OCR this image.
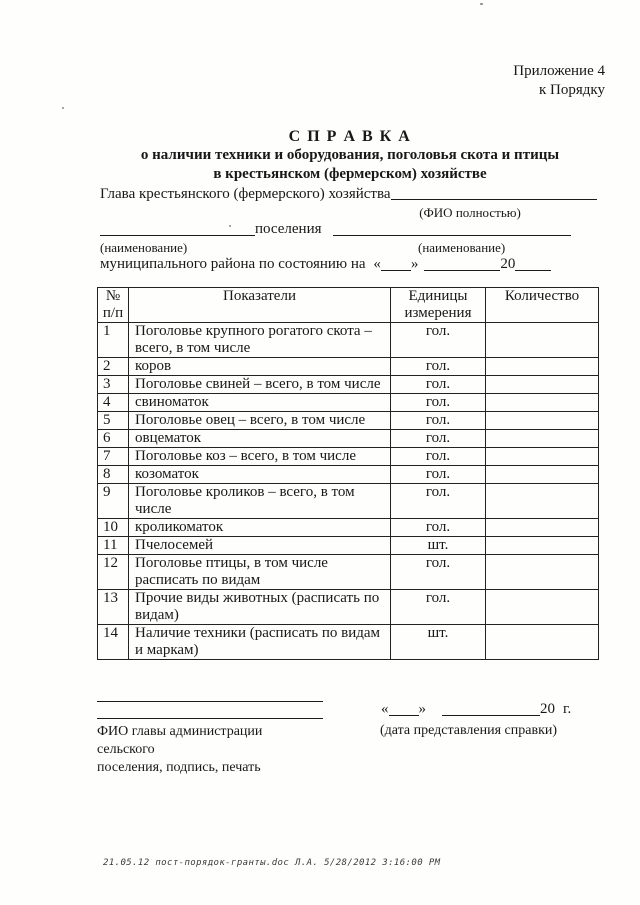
Приложение 4
к Порядку
С П Р А В К А
о наличии техники и оборудования, поголовья скота и птицы
в крестьянском (фермерском) хозяйстве
Глава крестьянского (фермерского) хозяйства
(ФИО полностью)
поселения
(наименование)	(наименование)
муниципального района по состоянию на « »	20
№ п/п	Показатели	Единицы измерения	Количество
1	Поголовье крупного рогатого скота – всего, в том числе	гол.	
2	коров	гол.	
3	Поголовье свиней – всего, в том числе	гол.	
4	свиноматок	гол.	
5	Поголовье овец – всего, в том числе	гол.	
6	овцематок	гол.	
7	Поголовье коз – всего, в том числе	гол.	
8	козоматок	гол.	
9	Поголовье кроликов – всего, в том числе	гол.	
10	кроликоматок	гол.	
11	Пчелосемей	шт.	
12	Поголовье птицы, в том числе расписать по видам	гол.	
13	Прочие виды животных (расписать по видам)	гол.	
14	Наличие техники (расписать по видам и маркам)	шт.	
ФИО главы администрации сельского
поселения, подпись, печать
« »	20 г.
(дата представления справки)
21.05.12 пост-порядок-гранты.doc Л.А. 5/28/2012 3:16:00 PM
